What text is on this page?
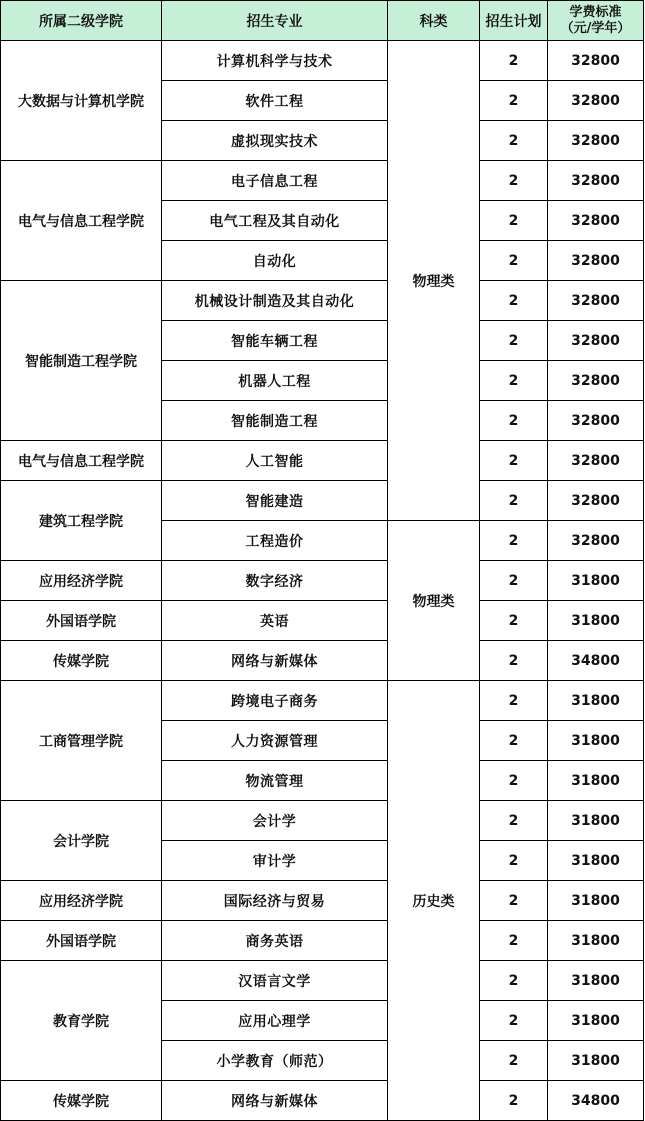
所属二级学院	招生专业	科类	招生计划	学费标准
（元/学年）

大数据与计算机学院	计算机科学与技术	物理类	2	32800
	软件工程		2	32800
	虚拟现实技术		2	32800
电气与信息工程学院	电子信息工程		2	32800
	电气工程及其自动化		2	32800
	自动化		2	32800
智能制造工程学院	机械设计制造及其自动化		2	32800
	智能车辆工程		2	32800
	机器人工程		2	32800
	智能制造工程		2	32800
电气与信息工程学院	人工智能		2	32800
建筑工程学院	智能建造		2	32800
	工程造价	物理类	2	32800
应用经济学院	数字经济		2	31800
外国语学院	英语		2	31800
传媒学院	网络与新媒体		2	34800
工商管理学院	跨境电子商务	历史类	2	31800
	人力资源管理		2	31800
	物流管理		2	31800
会计学院	会计学		2	31800
	审计学		2	31800
应用经济学院	国际经济与贸易		2	31800
外国语学院	商务英语		2	31800
教育学院	汉语言文学		2	31800
	应用心理学		2	31800
	小学教育（师范）		2	31800
传媒学院	网络与新媒体		2	34800
